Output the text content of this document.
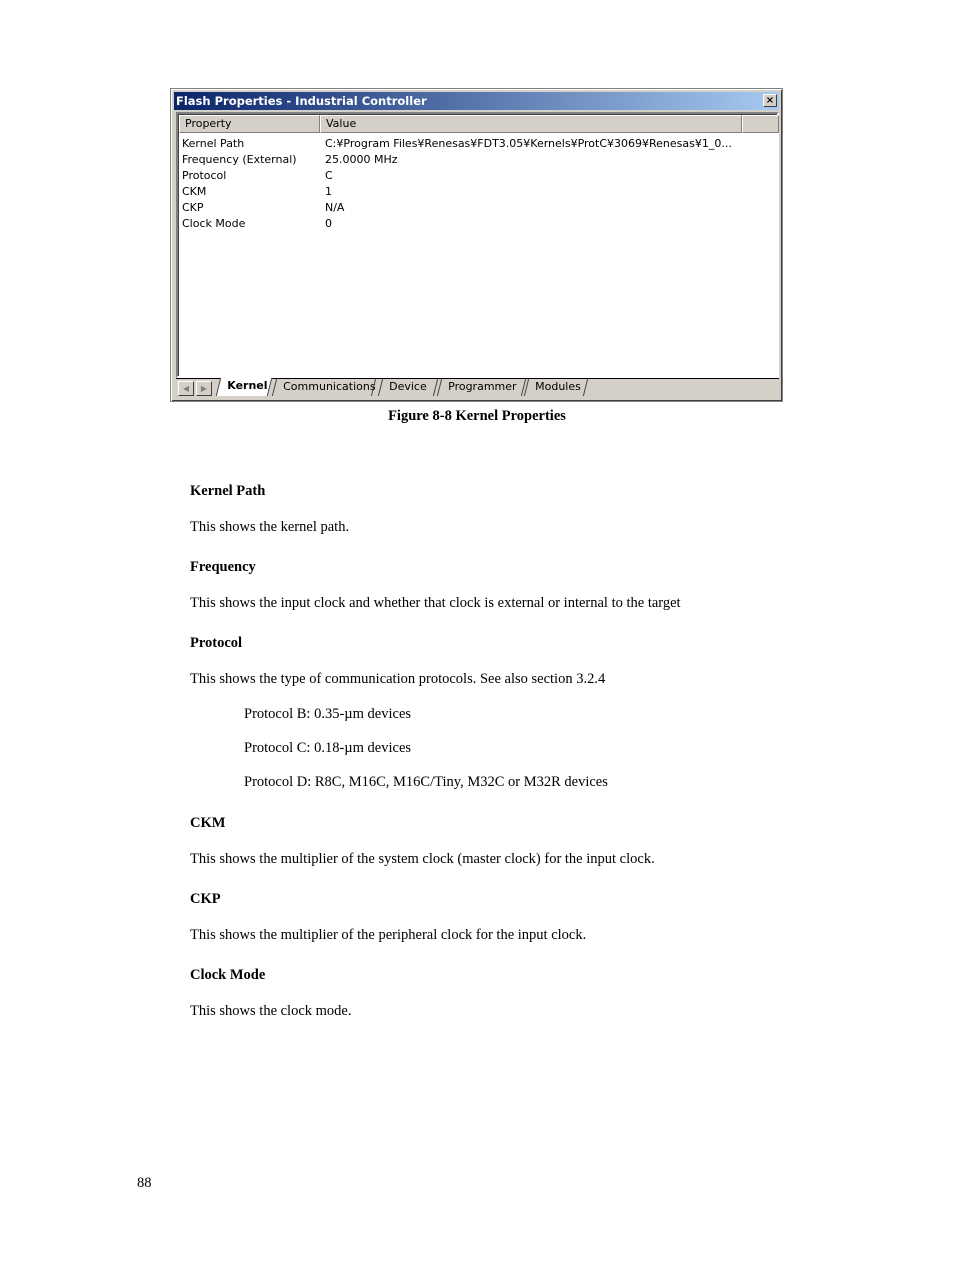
Flash Properties - Industrial Controller	×
Property	Value
Kernel Path	C:¥Program Files¥Renesas¥FDT3.05¥Kernels¥ProtC¥3069¥Renesas¥1_0...
Frequency (External)	25.0000 MHz
Protocol	C
CKM	1
CKP	N/A
Clock Mode	0
◀	▶	Kernel	Communications	Device	Programmer	Modules
Figure 8-8 Kernel Properties
Kernel Path
This shows the kernel path.
Frequency
This shows the input clock and whether that clock is external or internal to the target
Protocol
This shows the type of communication protocols. See also section 3.2.4
Protocol B: 0.35-µm devices
Protocol C: 0.18-µm devices
Protocol D: R8C, M16C, M16C/Tiny, M32C or M32R devices
CKM
This shows the multiplier of the system clock (master clock) for the input clock.
CKP
This shows the multiplier of the peripheral clock for the input clock.
Clock Mode
This shows the clock mode.
88
